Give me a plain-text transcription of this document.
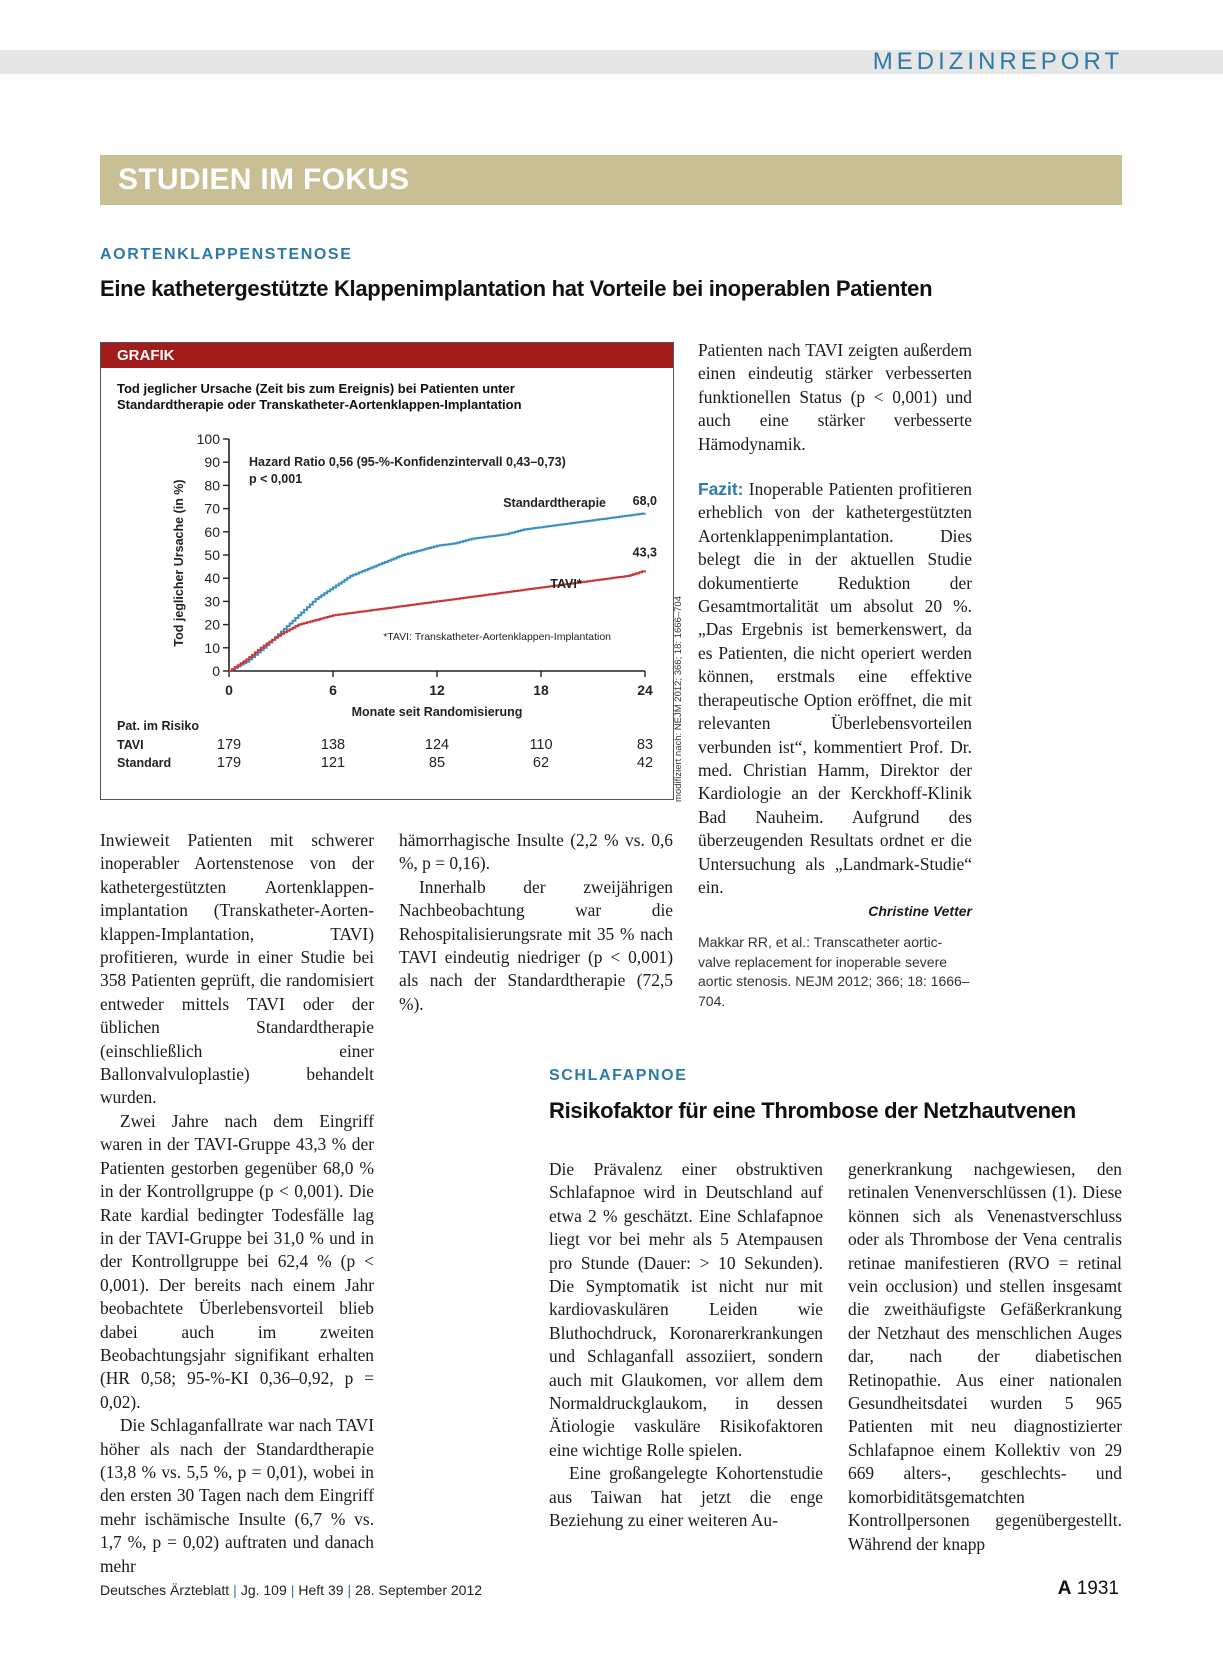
MEDIZINREPORT
STUDIEN IM FOKUS
AORTENKLAPPENSTENOSE
Eine kathetergestützte Klappenimplantation hat Vorteile bei inoperablen Patienten
GRAFIK
Tod jeglicher Ursache (Zeit bis zum Ereignis) bei Patienten unter
Standardtherapie oder Transkatheter-Aortenklappen-Implantation
0
10
20
30
40
50
60
70
80
90
100
0	6	12	18	24
Monate seit Randomisierung
Tod jeglicher Ursache (in %)
Hazard Ratio 0,56 (95-%-Konfidenzintervall 0,43–0,73)
p < 0,001
*TAVI: Transkatheter-Aortenklappen-Implantation
Standardtherapie 68,0
TAVI*
43,3
Pat. im Risiko
TAVI	179	138	124	110	83
Standard	179	121	85	62	42 modifiziert nach: NEJM 2012; 366; 18: 1666–704

Inwieweit Patienten mit schwerer inoperabler Aortenstenose von der kathetergestützten Aortenklappen-implantation (Transkatheter-Aorten-klappen-Implantation, TAVI) profitieren, wurde in einer Studie bei 358 Patienten geprüft, die randomisiert entweder mittels TAVI oder der üblichen Standardtherapie (einschließlich einer Ballonvalvuloplastie) behandelt wurden.

Zwei Jahre nach dem Eingriff waren in der TAVI-Gruppe 43,3 % der Patienten gestorben gegenüber 68,0 % in der Kontrollgruppe (p < 0,001). Die Rate kardial bedingter Todesfälle lag in der TAVI-Gruppe bei 31,0 % und in der Kontrollgruppe bei 62,4 % (p < 0,001). Der bereits nach einem Jahr beobachtete Überlebensvorteil blieb dabei auch im zweiten Beobachtungsjahr signifikant erhalten (HR 0,58; 95-%-KI 0,36–0,92, p = 0,02).

Die Schlaganfallrate war nach TAVI höher als nach der Standardtherapie (13,8 % vs. 5,5 %, p = 0,01), wobei in den ersten 30 Tagen nach dem Eingriff mehr ischämische Insulte (6,7 % vs. 1,7 %, p = 0,02) auftraten und danach mehr

hämorrhagische Insulte (2,2 % vs. 0,6 %, p = 0,16).

Innerhalb der zweijährigen Nachbeobachtung war die Rehospitalisierungsrate mit 35 % nach TAVI eindeutig niedriger (p < 0,001) als nach der Standardtherapie (72,5 %).

Patienten nach TAVI zeigten außerdem einen eindeutig stärker verbesserten funktionellen Status (p < 0,001) und auch eine stärker verbesserte Hämodynamik.

Fazit: Inoperable Patienten profitieren erheblich von der kathetergestützten Aortenklappenimplantation. Dies belegt die in der aktuellen Studie dokumentierte Reduktion der Gesamtmortalität um absolut 20 %. „Das Ergebnis ist bemerkenswert, da es Patienten, die nicht operiert werden können, erstmals eine effektive therapeutische Option eröffnet, die mit relevanten Überlebensvorteilen verbunden ist“, kommentiert Prof. Dr. med. Christian Hamm, Direktor der Kardiologie an der Kerckhoff-Klinik Bad Nauheim. Aufgrund des überzeugenden Resultats ordnet er die Untersuchung als „Landmark-Studie“ ein.

Christine Vetter
Makkar RR, et al.: Transcatheter aortic-valve replacement for inoperable severe aortic stenosis. NEJM 2012; 366; 18: 1666–704.
SCHLAFAPNOE
Risikofaktor für eine Thrombose der Netzhautvenen

Die Prävalenz einer obstruktiven Schlafapnoe wird in Deutschland auf etwa 2 % geschätzt. Eine Schlafapnoe liegt vor bei mehr als 5 Atempausen pro Stunde (Dauer: > 10 Sekunden). Die Symptomatik ist nicht nur mit kardiovaskulären Leiden wie Bluthochdruck, Koronarerkrankungen und Schlaganfall assoziiert, sondern auch mit Glaukomen, vor allem dem Normaldruckglaukom, in dessen Ätiologie vaskuläre Risikofaktoren eine wichtige Rolle spielen.

Eine großangelegte Kohortenstudie aus Taiwan hat jetzt die enge Beziehung zu einer weiteren Au-

generkrankung nachgewiesen, den retinalen Venenverschlüssen (1). Diese können sich als Venenastverschluss oder als Thrombose der Vena centralis retinae manifestieren (RVO = retinal vein occlusion) und stellen insgesamt die zweithäufigste Gefäßerkrankung der Netzhaut des menschlichen Auges dar, nach der diabetischen Retinopathie. Aus einer nationalen Gesundheitsdatei wurden 5 965 Patienten mit neu diagnostizierter Schlafapnoe einem Kollektiv von 29 669 alters-, geschlechts- und komorbiditätsgematchten Kontrollpersonen gegenübergestellt. Während der knapp

Deutsches Ärzteblatt | Jg. 109 | Heft 39 | 28. September 2012	A 1931
